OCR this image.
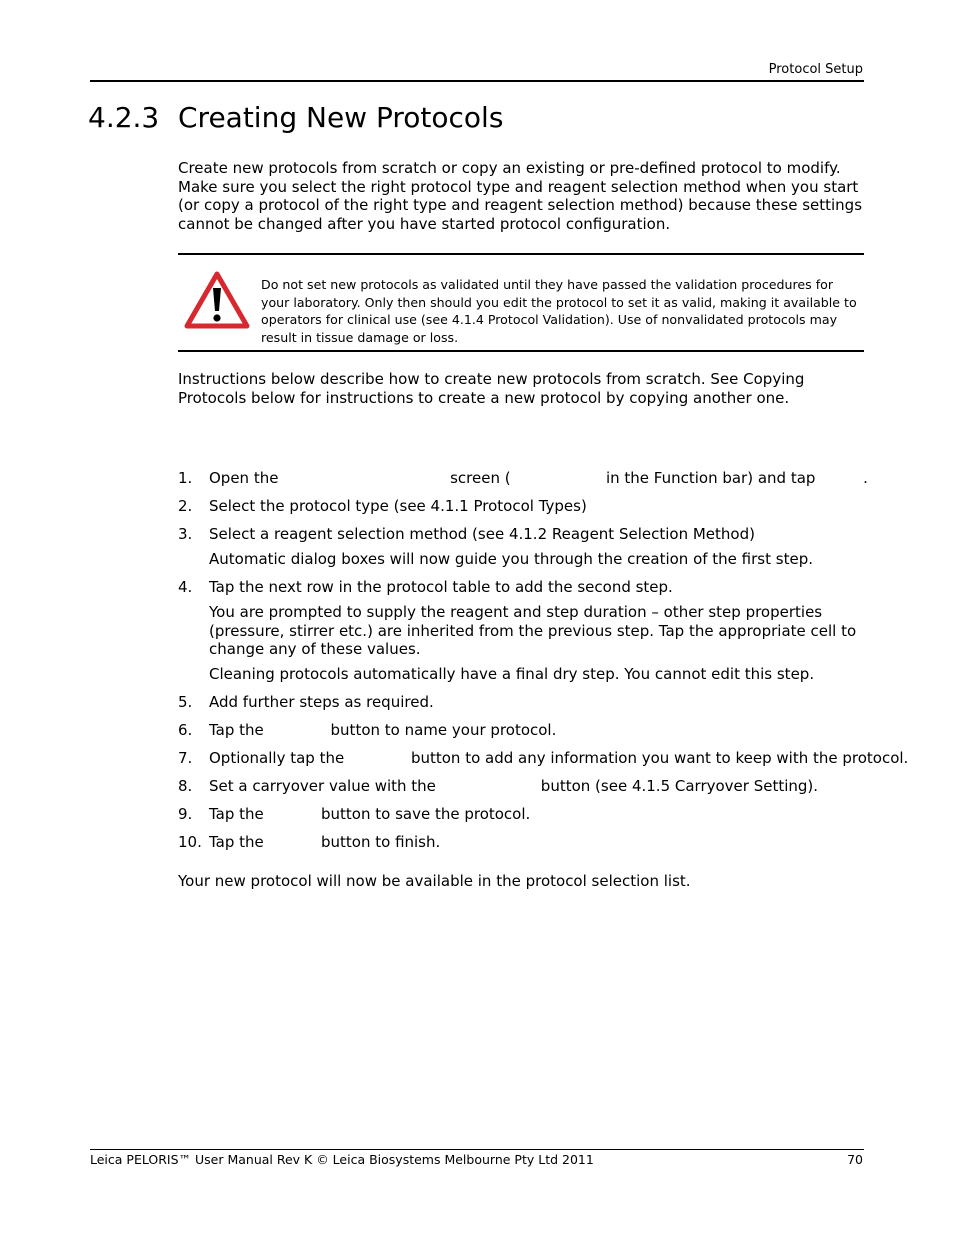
Protocol Setup
4.2.3 Creating New Protocols
Create new protocols from scratch or copy an existing or pre-defined protocol to modify. Make sure you select the right protocol type and reagent selection method when you start (or copy a protocol of the right type and reagent selection method) because these settings cannot be changed after you have started protocol configuration.
Do not set new protocols as validated until they have passed the validation procedures for your laboratory. Only then should you edit the protocol to set it as valid, making it available to operators for clinical use (see 4.1.4 Protocol Validation). Use of nonvalidated protocols may result in tissue damage or loss.
Instructions below describe how to create new protocols from scratch. See Copying Protocols below for instructions to create a new protocol by copying another one.
1. Open the                                    screen (                    in the Function bar) and tap          .
2. Select the protocol type (see 4.1.1 Protocol Types)
3. Select a reagent selection method (see 4.1.2 Reagent Selection Method)
Automatic dialog boxes will now guide you through the creation of the first step.
4. Tap the next row in the protocol table to add the second step.
You are prompted to supply the reagent and step duration – other step properties (pressure, stirrer etc.) are inherited from the previous step. Tap the appropriate cell to change any of these values.
Cleaning protocols automatically have a final dry step. You cannot edit this step.
5. Add further steps as required.
6. Tap the              button to name your protocol.
7. Optionally tap the              button to add any information you want to keep with the protocol.
8. Set a carryover value with the                      button (see 4.1.5 Carryover Setting).
9. Tap the            button to save the protocol.
10. Tap the            button to finish.
Your new protocol will now be available in the protocol selection list.
Leica PELORIS™ User Manual Rev K © Leica Biosystems Melbourne Pty Ltd 2011	70
